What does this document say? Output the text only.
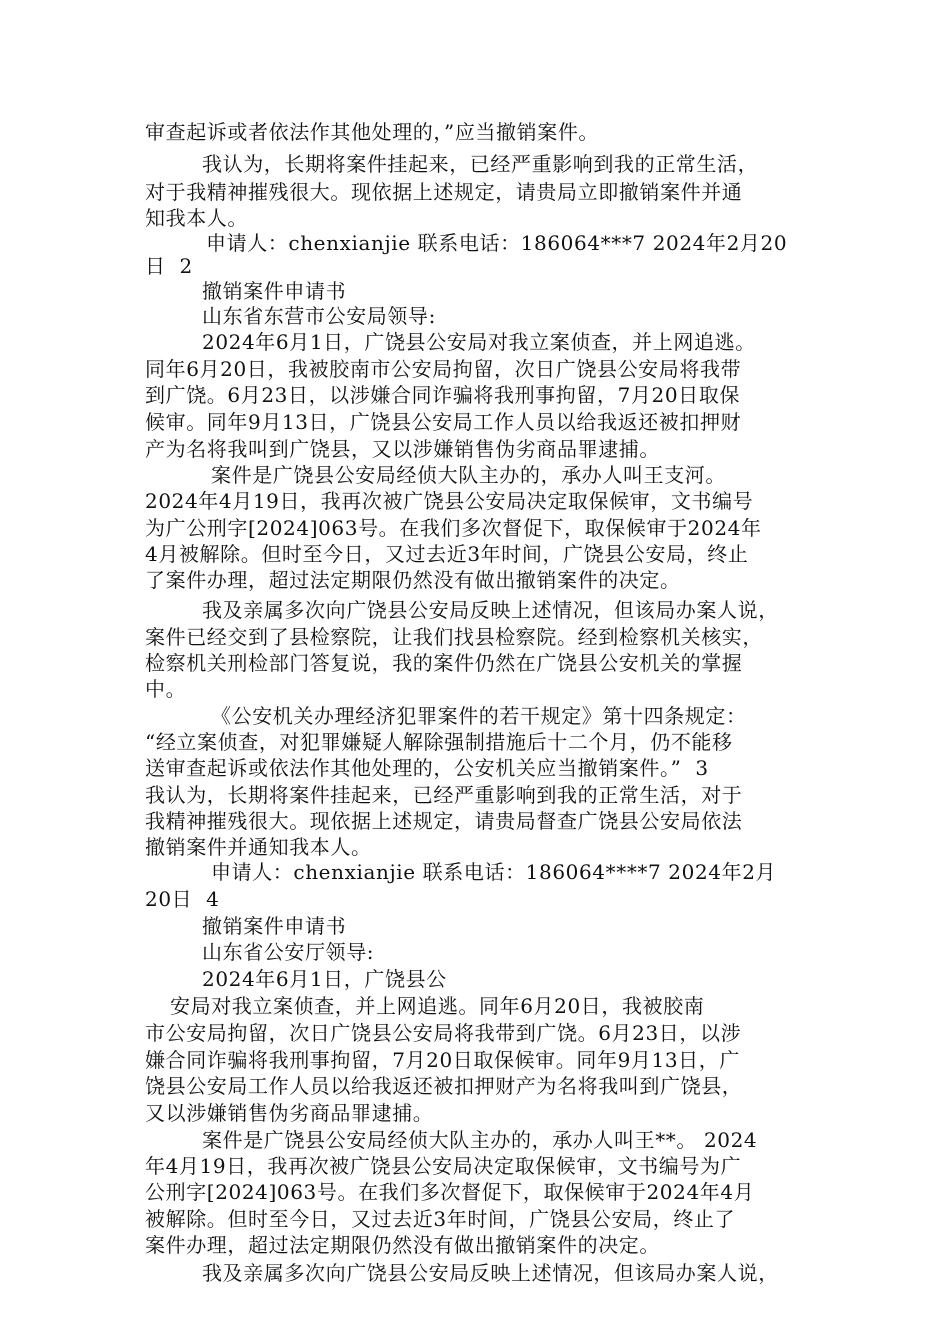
审查起诉或者依法作其他处理的，”应当撤销案件。
我认为，长期将案件挂起来，已经严重影响到我的正常生活，
对于我精神摧残很大。现依据上述规定，请贵局立即撤销案件并通
知我本人。
申请人：chenxianjie 联系电话：186064***7 2024年2月20
日  2
撤销案件申请书
山东省东营市公安局领导:
2024年6月1日，广饶县公安局对我立案侦查，并上网追逃。
同年6月20日，我被胶南市公安局拘留，次日广饶县公安局将我带
到广饶。6月23日，以涉嫌合同诈骗将我刑事拘留，7月20日取保
候审。同年9月13日，广饶县公安局工作人员以给我返还被扣押财
产为名将我叫到广饶县，又以涉嫌销售伪劣商品罪逮捕。
案件是广饶县公安局经侦大队主办的，承办人叫王支河。
2024年4月19日，我再次被广饶县公安局决定取保候审，文书编号
为广公刑字[2024]063号。在我们多次督促下，取保候审于2024年
4月被解除。但时至今日，又过去近3年时间，广饶县公安局，终止
了案件办理，超过法定期限仍然没有做出撤销案件的决定。
我及亲属多次向广饶县公安局反映上述情况，但该局办案人说，
案件已经交到了县检察院，让我们找县检察院。经到检察机关核实，
检察机关刑检部门答复说，我的案件仍然在广饶县公安机关的掌握
中。
《公安机关办理经济犯罪案件的若干规定》第十四条规定：
“经立案侦查，对犯罪嫌疑人解除强制措施后十二个月，仍不能移
送审查起诉或依法作其他处理的，公安机关应当撤销案件。”  3
我认为，长期将案件挂起来，已经严重影响到我的正常生活，对于
我精神摧残很大。现依据上述规定，请贵局督查广饶县公安局依法
撤销案件并通知我本人。
申请人：chenxianjie 联系电话：186064****7 2024年2月
20日  4
撤销案件申请书
山东省公安厅领导:
2024年6月1日，广饶县公
安局对我立案侦查，并上网追逃。同年6月20日，我被胶南
市公安局拘留，次日广饶县公安局将我带到广饶。6月23日，以涉
嫌合同诈骗将我刑事拘留，7月20日取保候审。同年9月13日，广
饶县公安局工作人员以给我返还被扣押财产为名将我叫到广饶县，
又以涉嫌销售伪劣商品罪逮捕。
案件是广饶县公安局经侦大队主办的，承办人叫王**。 2024
年4月19日，我再次被广饶县公安局决定取保候审，文书编号为广
公刑字[2024]063号。在我们多次督促下，取保候审于2024年4月
被解除。但时至今日，又过去近3年时间，广饶县公安局，终止了
案件办理，超过法定期限仍然没有做出撤销案件的决定。
我及亲属多次向广饶县公安局反映上述情况，但该局办案人说，
